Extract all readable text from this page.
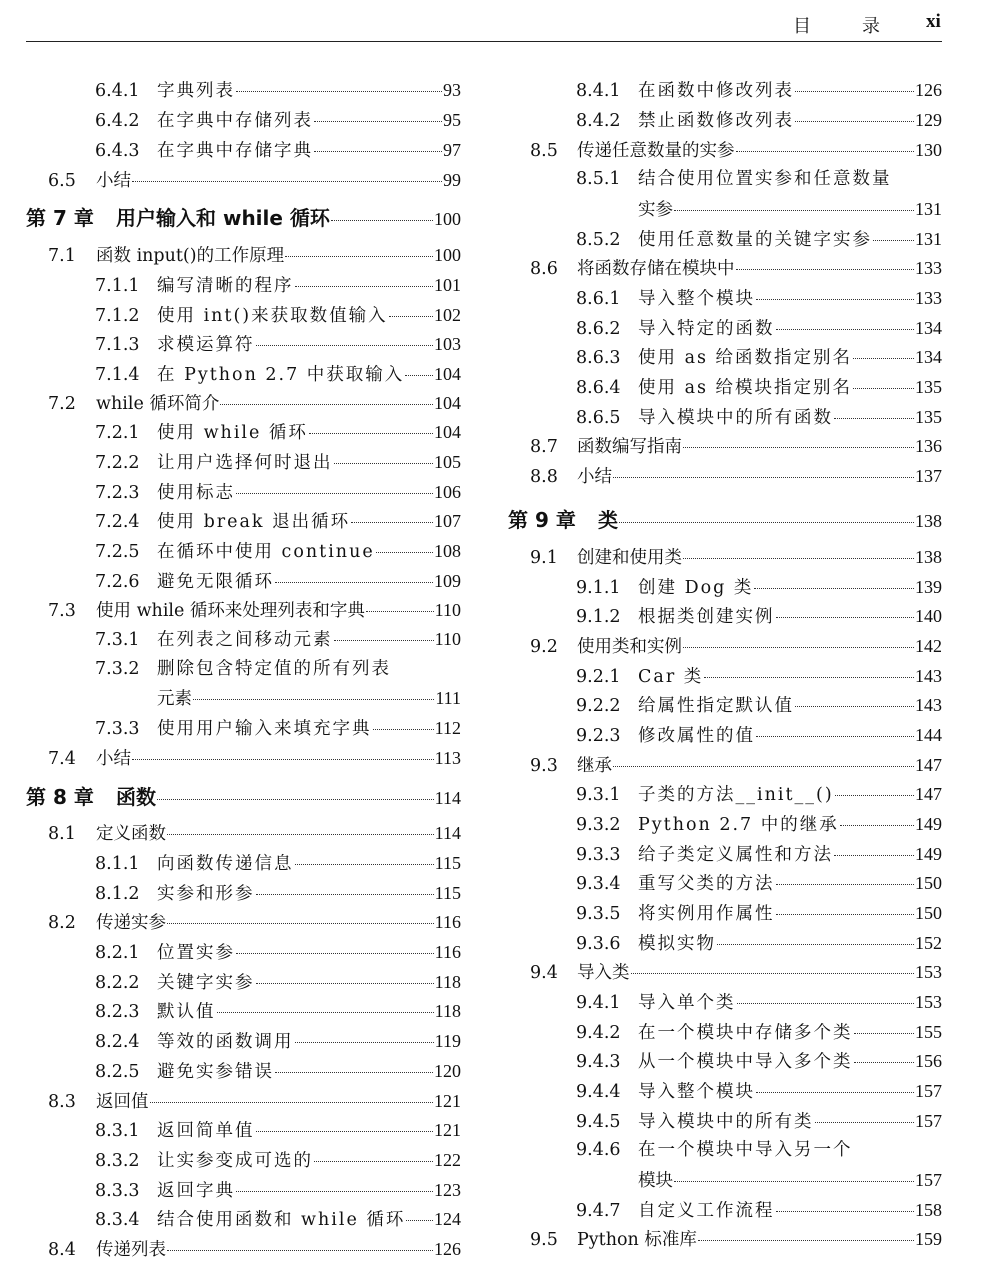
目	录 xi
6.4.1 字典列表	93
6.4.2 在字典中存储列表	95
6.4.3 在字典中存储字典	97
6.5	小结	99
第 7 章	用户输入和 while 循环	100
7.1	函数 input()的工作原理	100
7.1.1 编写清晰的程序	101
7.1.2 使用 int()来获取数值输入	102
7.1.3 求模运算符	103
7.1.4 在 Python 2.7 中获取输入 104
7.2	while 循环简介	104
7.2.1 使用 while 循环	104
7.2.2 让用户选择何时退出	105
7.2.3 使用标志	106
7.2.4 使用 break 退出循环	107
7.2.5 在循环中使用 continue	108
7.2.6 避免无限循环	109
7.3	使用 while 循环来处理列表和字典	110
7.3.1 在列表之间移动元素	110
7.3.2 删除包含特定值的所有列表
元素	111
7.3.3 使用用户输入来填充字典	112
7.4	小结	113
第 8 章	函数	114
8.1	定义函数	114
8.1.1 向函数传递信息	115
8.1.2 实参和形参	115
8.2	传递实参	116
8.2.1 位置实参	116
8.2.2 关键字实参	118
8.2.3 默认值	118
8.2.4 等效的函数调用	119
8.2.5 避免实参错误	120
8.3	返回值	121
8.3.1 返回简单值	121
8.3.2 让实参变成可选的	122
8.3.3 返回字典	123
8.3.4 结合使用函数和 while 循环 124
8.4	传递列表	126
8.4.1 在函数中修改列表	126
8.4.2 禁止函数修改列表	129
8.5	传递任意数量的实参	130
8.5.1 结合使用位置实参和任意数量
实参	131
8.5.2 使用任意数量的关键字实参 131
8.6	将函数存储在模块中	133
8.6.1 导入整个模块	133
8.6.2 导入特定的函数	134
8.6.3 使用 as 给函数指定别名	134
8.6.4 使用 as 给模块指定别名	135
8.6.5 导入模块中的所有函数	135
8.7	函数编写指南	136
8.8	小结	137
第 9 章	类	138
9.1	创建和使用类	138
9.1.1 创建 Dog 类	139
9.1.2 根据类创建实例	140
9.2	使用类和实例	142
9.2.1 Car 类	143
9.2.2 给属性指定默认值	143
9.2.3 修改属性的值	144
9.3	继承	147
9.3.1 子类的方法__init__()	147
9.3.2 Python 2.7 中的继承	149
9.3.3 给子类定义属性和方法	149
9.3.4 重写父类的方法	150
9.3.5 将实例用作属性	150
9.3.6 模拟实物	152
9.4	导入类	153
9.4.1 导入单个类	153
9.4.2 在一个模块中存储多个类	155
9.4.3 从一个模块中导入多个类	156
9.4.4 导入整个模块	157
9.4.5 导入模块中的所有类	157
9.4.6 在一个模块中导入另一个
模块	157
9.4.7 自定义工作流程	158
9.5	Python 标准库	159
